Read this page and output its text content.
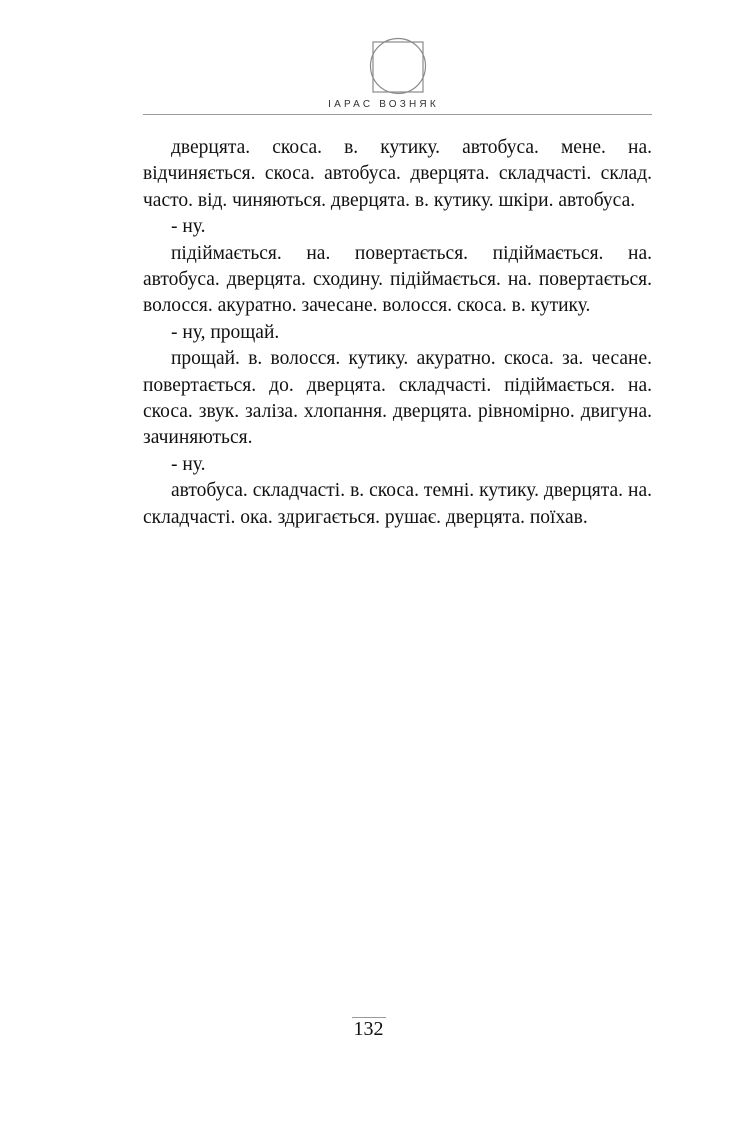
ІАРАС ВОЗНЯК

дверцята. скоса. в. кутику. автобуса. мене. на. відчиняється. скоса. автобуса. дверцята. складчасті. склад. часто. від. чиняються. дверцята. в. кутику. шкіри. автобуса.

- ну.

підіймається. на. повертається. підіймається. на. автобуса. дверцята. сходину. підіймається. на. повертається. волосся. акуратно. зачесане. волосся. скоса. в. кутику.

- ну, прощай.

прощай. в. волосся. кутику. акуратно. скоса. за. чесане. повертається. до. дверцята. складчасті. підіймається. на. скоса. звук. заліза. хлопання. дверцята. рівномірно. двигуна. зачиняються.

- ну.

автобуса. складчасті. в. скоса. темні. кутику. дверцята. на. складчасті. ока. здригається. рушає. дверцята. поїхав.

132
